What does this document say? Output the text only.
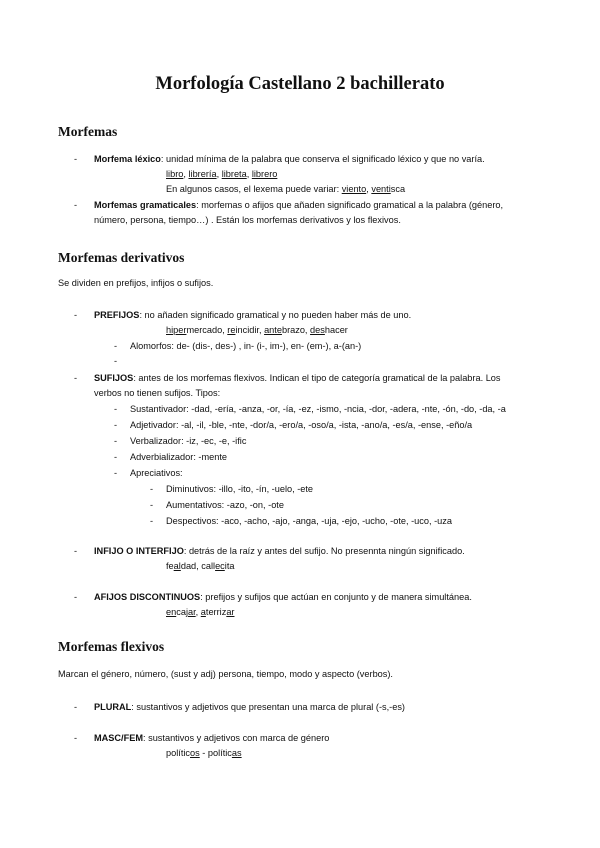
Morfología Castellano 2 bachillerato
Morfemas
- Morfema léxico: unidad mínima de la palabra que conserva el significado léxico y que no varía.
libro, librería, libreta, librero
En algunos casos, el lexema puede variar: viento, ventisca
- Morfemas gramaticales: morfemas o afijos que añaden significado gramatical a la palabra (género,
número, persona, tiempo…) . Están los morfemas derivativos y los flexivos.
Morfemas derivativos
Se dividen en prefijos, infijos o sufijos.
- PREFIJOS: no añaden significado gramatical y no pueden haber más de uno.
hipermercado, reincidir, antebrazo, deshacer
- Alomorfos: de- (dis-, des-) , in- (i-, im-), en- (em-), a-(an-)
-
- SUFIJOS: antes de los morfemas flexivos. Indican el tipo de categoría gramatical de la palabra. Los
verbos no tienen sufijos. Tipos:
- Sustantivador: -dad, -ería, -anza, -or, -ía, -ez, -ismo, -ncia, -dor, -adera, -nte, -ón, -do, -da, -a
- Adjetivador: -al, -il, -ble, -nte, -dor/a, -ero/a, -oso/a, -ista, -ano/a, -es/a, -ense, -eño/a
- Verbalizador: -iz, -ec, -e, -ific
- Adverbializador: -mente
- Apreciativos:
- Diminutivos: -illo, -ito, -ín, -uelo, -ete
- Aumentativos: -azo, -on, -ote
- Despectivos: -aco, -acho, -ajo, -anga, -uja, -ejo, -ucho, -ote, -uco, -uza
- INFIJO O INTERFIJO: detrás de la raíz y antes del sufijo. No presennta ningún significado.
fealdad, callecita
- AFIJOS DISCONTINUOS: prefijos y sufijos que actúan en conjunto y de manera simultánea.
encajar, aterrizar
Morfemas flexivos
Marcan el género, número, (sust y adj) persona, tiempo, modo y aspecto (verbos).
- PLURAL: sustantivos y adjetivos que presentan una marca de plural (-s,-es)
- MASC/FEM: sustantivos y adjetivos con marca de género
políticos - políticas
